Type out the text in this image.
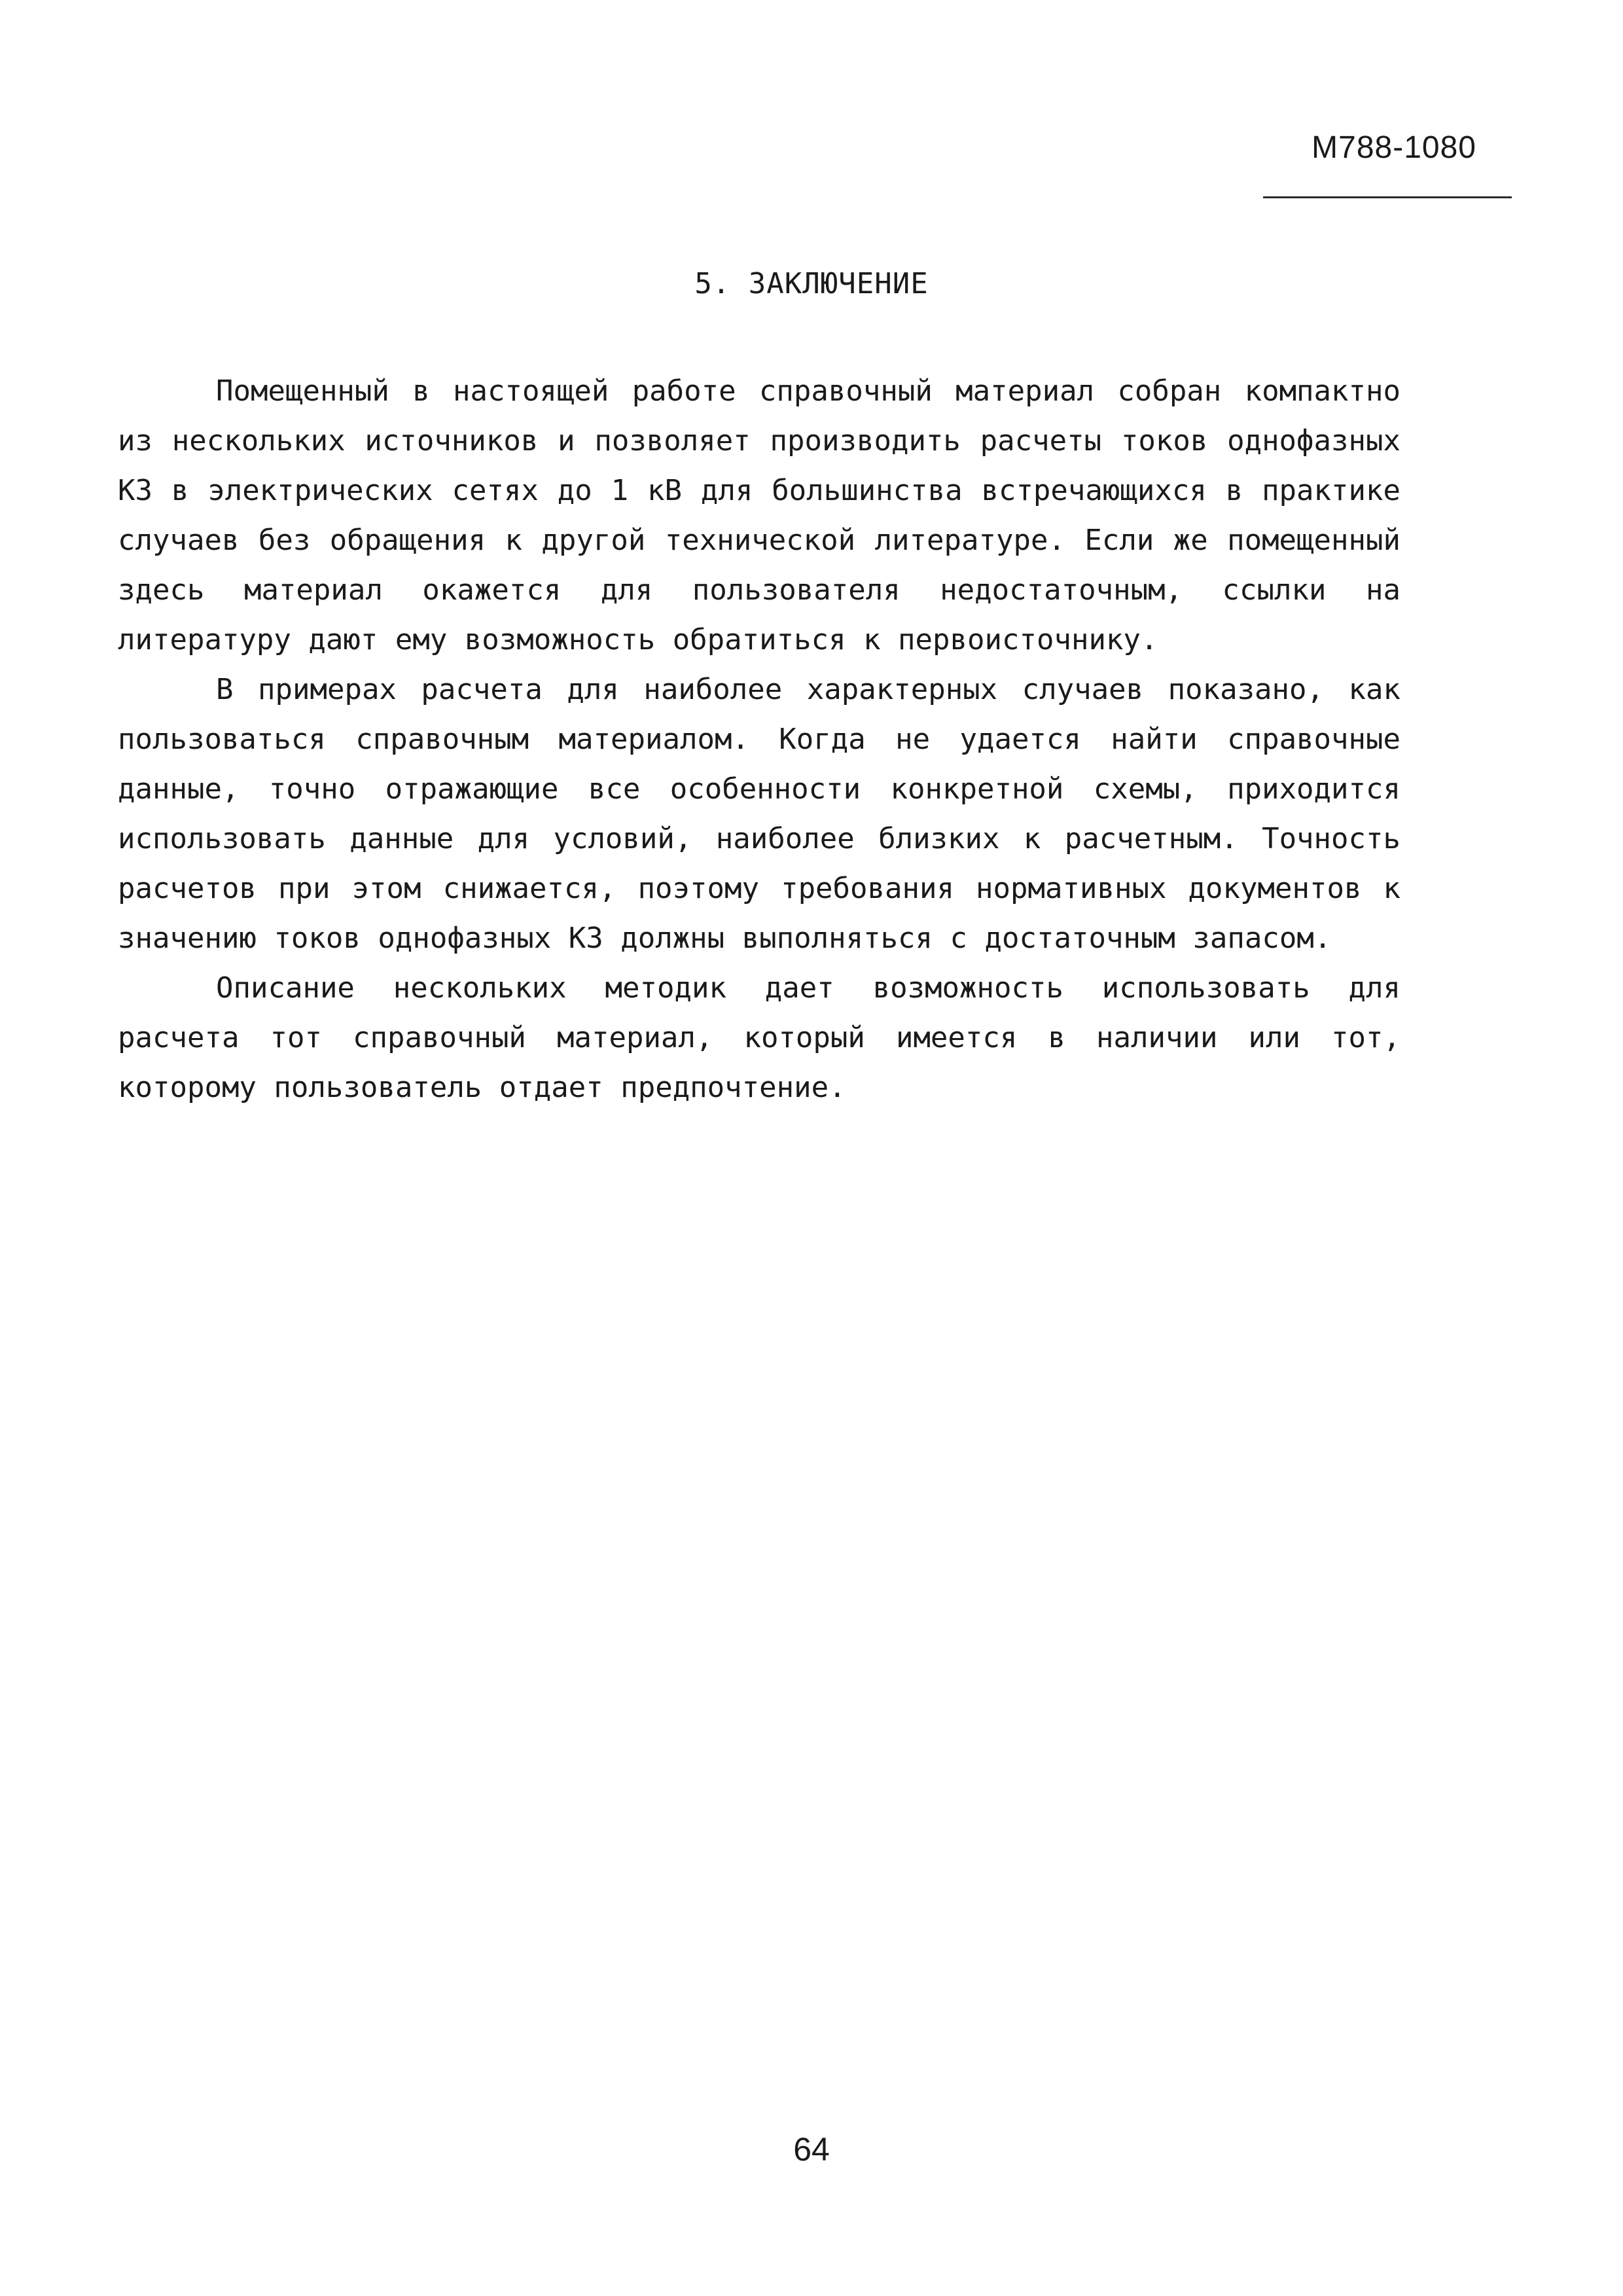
М788-1080
5. ЗАКЛЮЧЕНИЕ

Помещенный в настоящей работе справочный материал собран компактно из нескольких источников и позволяет производить расчеты токов однофазных КЗ в электрических сетях до 1 кВ для большинства встречающихся в практике случаев без обращения к другой технической литературе. Если же помещенный здесь материал окажется для пользователя недостаточным, ссылки на литературу дают ему возможность обратиться к первоисточнику.

В примерах расчета для наиболее характерных случаев показано, как пользоваться справочным материалом. Когда не удается найти справочные данные, точно отражающие все особенности конкретной схемы, приходится использовать данные для условий, наиболее близких к расчетным. Точность расчетов при этом снижается, поэтому требования нормативных документов к значению токов однофазных КЗ должны выполняться с достаточным запасом.

Описание нескольких методик дает возможность использовать для расчета тот справочный материал, который имеется в наличии или тот, которому пользователь отдает предпочтение.

64
